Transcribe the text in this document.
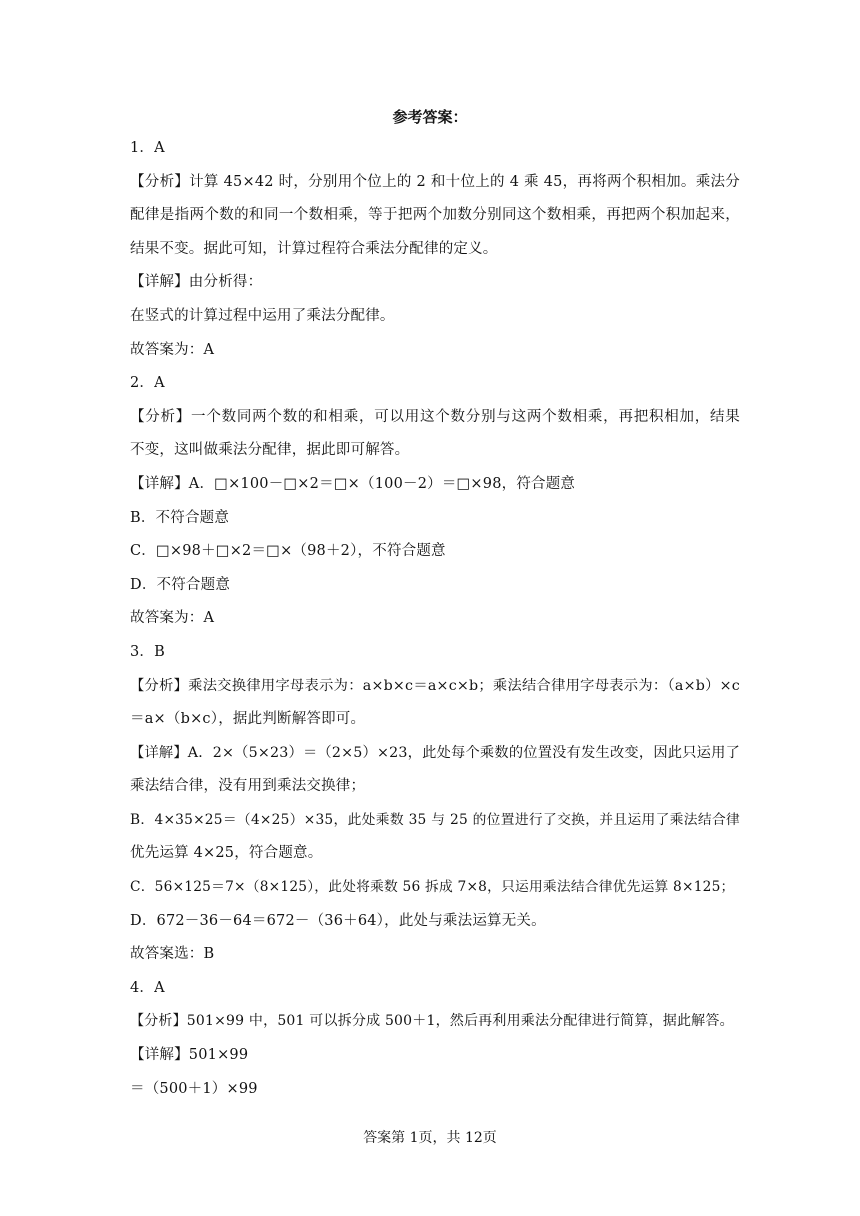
参考答案：
1．A
【分析】计算 45×42 时，分别用个位上的 2 和十位上的 4 乘 45，再将两个积相加。乘法分
配律是指两个数的和同一个数相乘，等于把两个加数分别同这个数相乘，再把两个积加起来，
结果不变。据此可知，计算过程符合乘法分配律的定义。
【详解】由分析得：
在竖式的计算过程中运用了乘法分配律。
故答案为：A
2．A
【分析】一个数同两个数的和相乘，可以用这个数分别与这两个数相乘，再把积相加，结果
不变，这叫做乘法分配律，据此即可解答。
【详解】A．□×100－□×2＝□×（100－2）＝□×98，符合题意
B．不符合题意
C．□×98＋□×2＝□×（98＋2），不符合题意
D．不符合题意
故答案为：A
3．B
【分析】乘法交换律用字母表示为：a×b×c＝a×c×b；乘法结合律用字母表示为：（a×b）×c
＝a×（b×c），据此判断解答即可。
【详解】A．2×（5×23）＝（2×5）×23，此处每个乘数的位置没有发生改变，因此只运用了
乘法结合律，没有用到乘法交换律；
B．4×35×25＝（4×25）×35，此处乘数 35 与 25 的位置进行了交换，并且运用了乘法结合律
优先运算 4×25，符合题意。
C．56×125＝7×（8×125），此处将乘数 56 拆成 7×8，只运用乘法结合律优先运算 8×125；
D．672－36－64＝672－（36＋64），此处与乘法运算无关。
故答案选：B
4．A
【分析】501×99 中，501 可以拆分成 500＋1，然后再利用乘法分配律进行简算，据此解答。
【详解】501×99
＝（500＋1）×99
答案第 1页，共 12页
